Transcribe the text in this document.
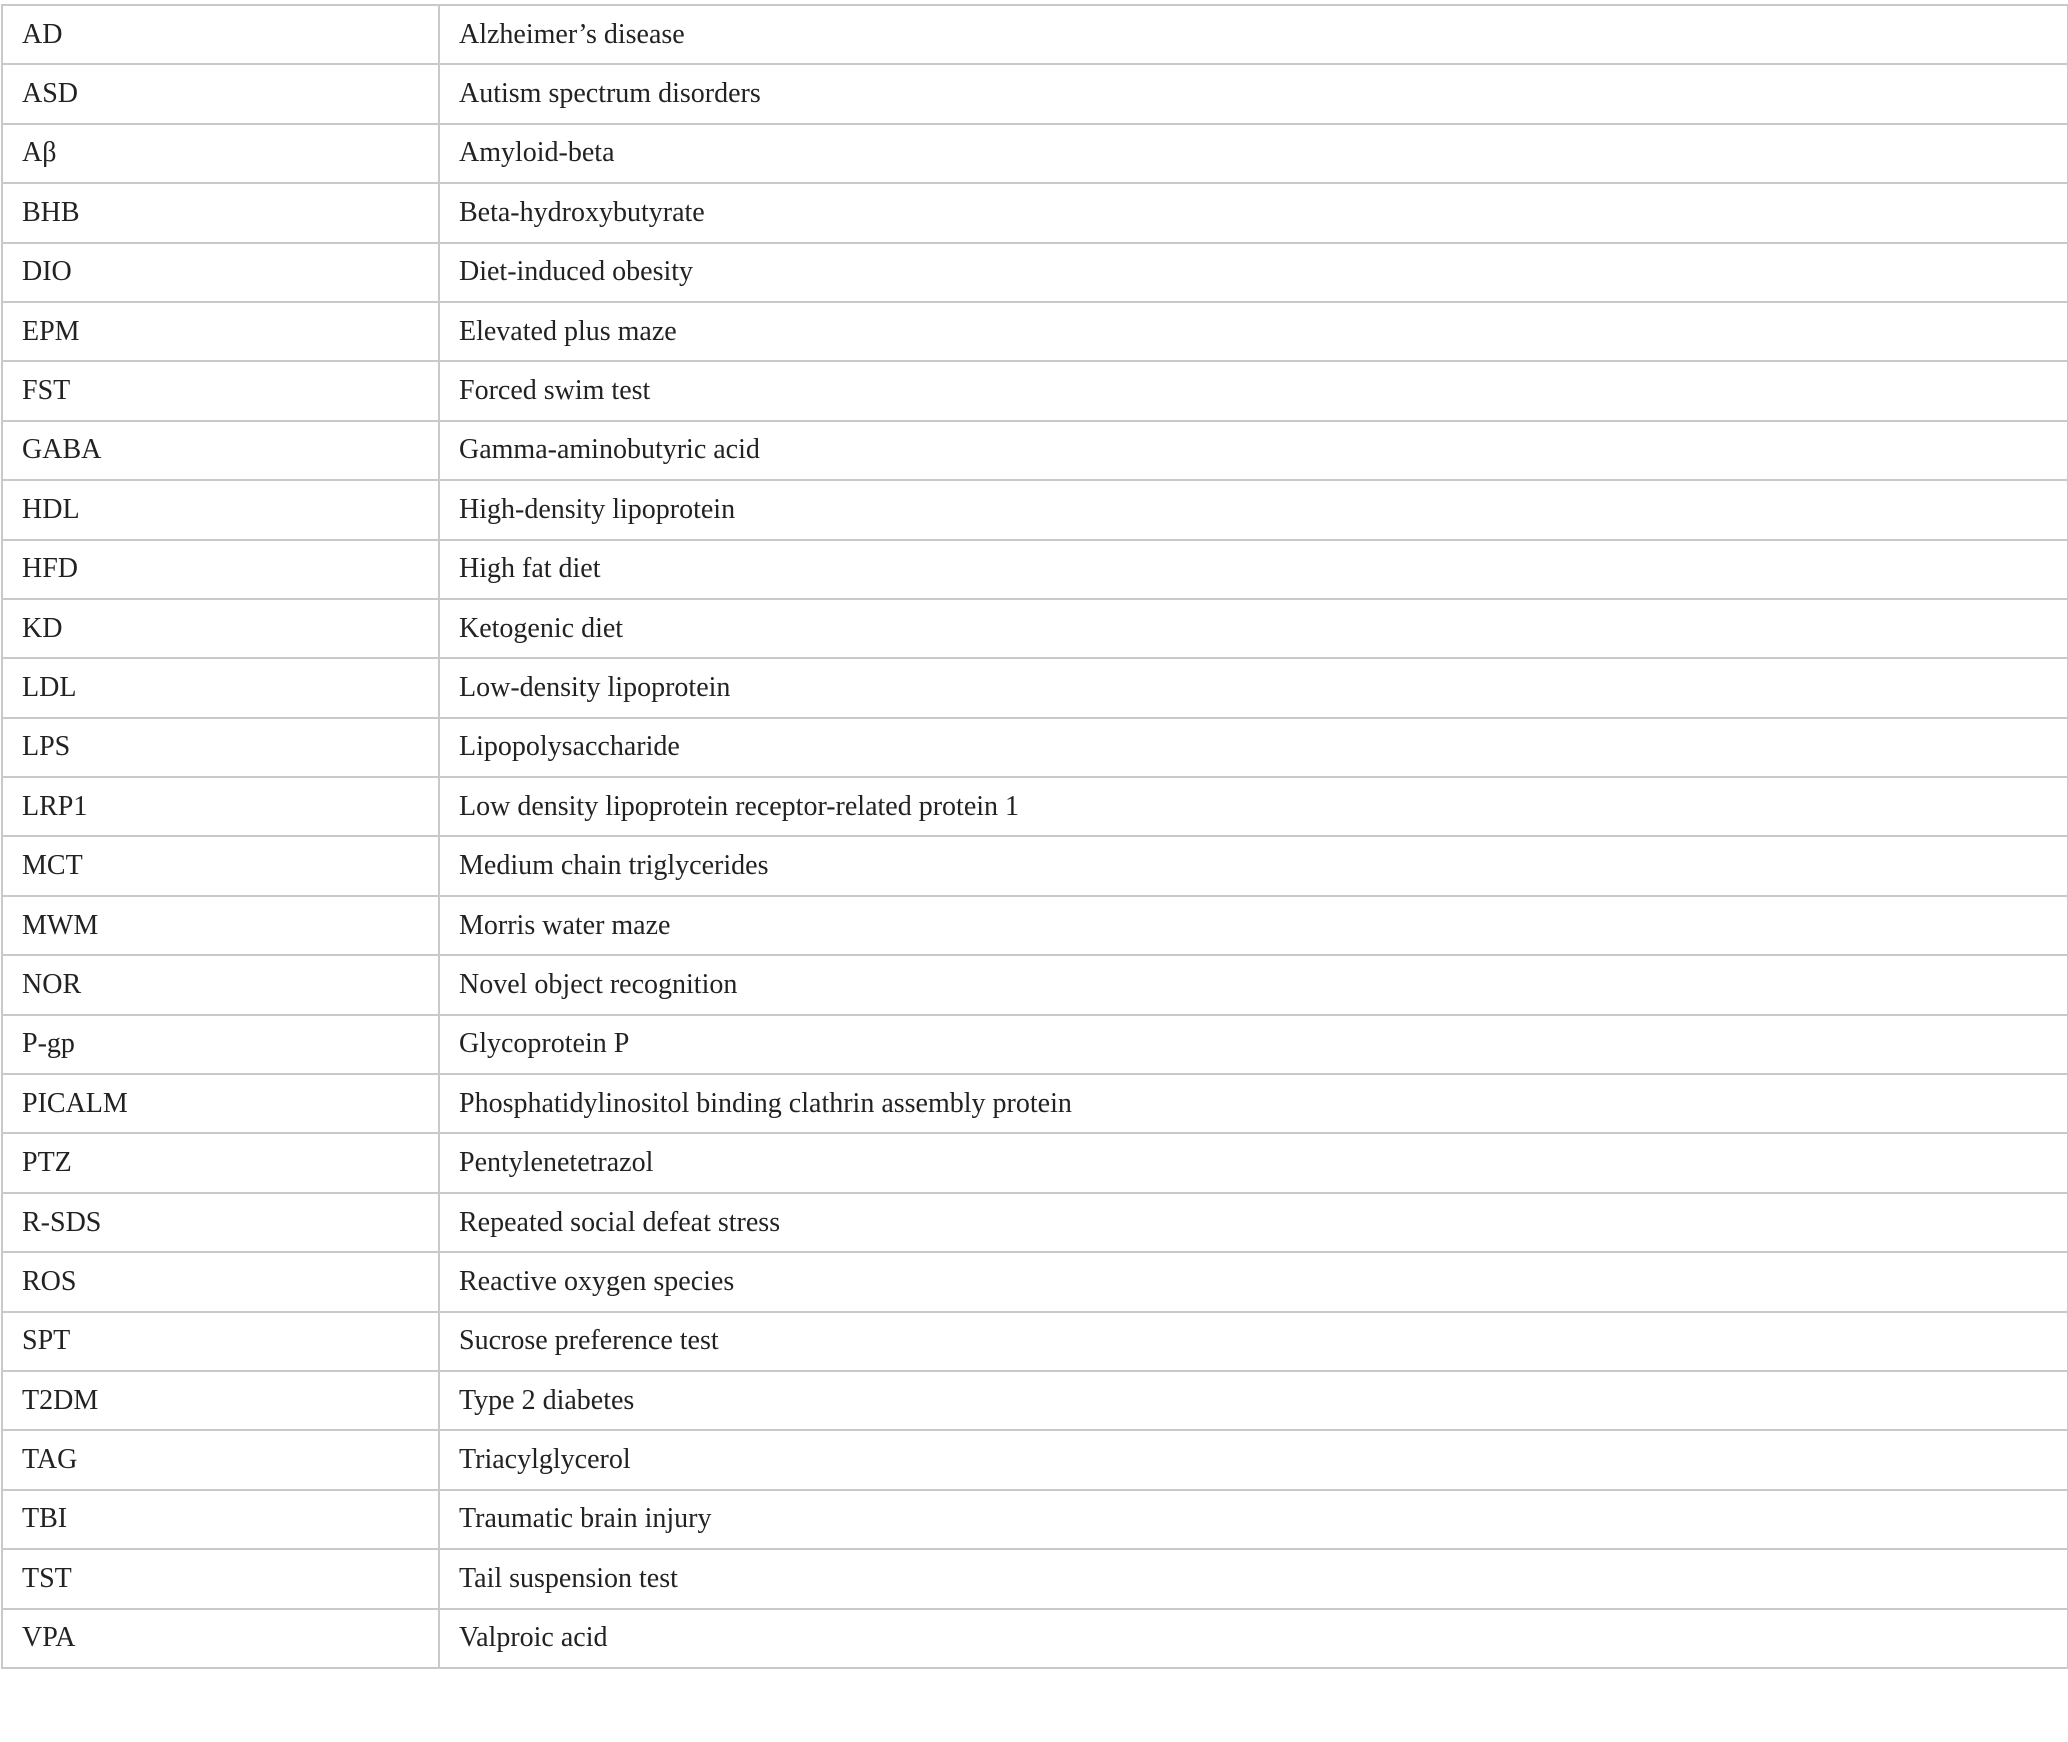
AD	Alzheimer’s disease
ASD	Autism spectrum disorders
Aβ	Amyloid-beta
BHB	Beta-hydroxybutyrate
DIO	Diet-induced obesity
EPM	Elevated plus maze
FST	Forced swim test
GABA	Gamma-aminobutyric acid
HDL	High-density lipoprotein
HFD	High fat diet
KD	Ketogenic diet
LDL	Low-density lipoprotein
LPS	Lipopolysaccharide
LRP1	Low density lipoprotein receptor-related protein 1
MCT	Medium chain triglycerides
MWM	Morris water maze
NOR	Novel object recognition
P-gp	Glycoprotein P
PICALM	Phosphatidylinositol binding clathrin assembly protein
PTZ	Pentylenetetrazol
R-SDS	Repeated social defeat stress
ROS	Reactive oxygen species
SPT	Sucrose preference test
T2DM	Type 2 diabetes
TAG	Triacylglycerol
TBI	Traumatic brain injury
TST	Tail suspension test
VPA	Valproic acid
